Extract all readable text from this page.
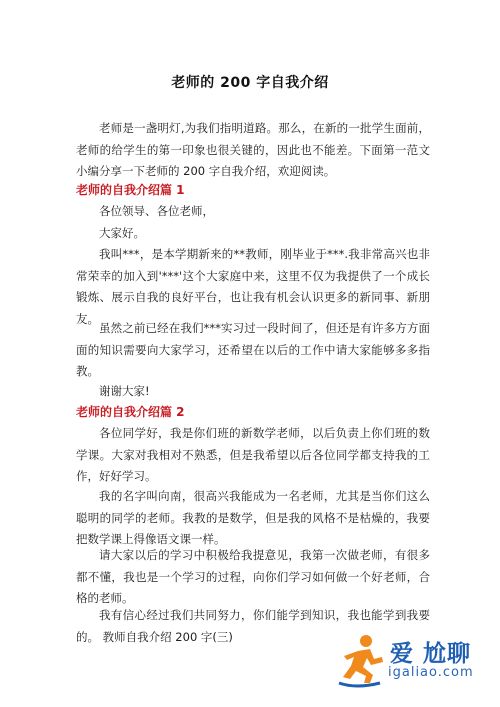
老师的 200 字自我介绍

老师是一盏明灯,为我们指明道路。那么，在新的一批学生面前，老师的给学生的第一印象也很关键的，因此也不能差。下面第一范文小编分享一下老师的 200 字自我介绍，欢迎阅读。

老师的自我介绍篇 1
各位领导、各位老师，
大家好。

我叫***，是本学期新来的**教师，刚毕业于***.我非常高兴也非常荣幸的加入到'***'这个大家庭中来，这里不仅为我提供了一个成长锻炼、展示自我的良好平台，也让我有机会认识更多的新同事、新朋友。

虽然之前已经在我们***实习过一段时间了，但还是有许多方方面面的知识需要向大家学习，还希望在以后的工作中请大家能够多多指教。

谢谢大家!
老师的自我介绍篇 2

各位同学好，我是你们班的新数学老师，以后负责上你们班的数学课。大家对我相对不熟悉，但是我希望以后各位同学都支持我的工作，好好学习。

我的名字叫向南，很高兴我能成为一名老师，尤其是当你们这么聪明的同学的老师。我教的是数学，但是我的风格不是枯燥的，我要把数学课上得像语文课一样。

请大家以后的学习中积极给我提意见，我第一次做老师，有很多都不懂，我也是一个学习的过程，向你们学习如何做一个好老师，合格的老师。

我有信心经过我们共同努力，你们能学到知识，我也能学到我要的。 教师自我介绍 200 字(三)

爱 尬聊
igaliao.com
